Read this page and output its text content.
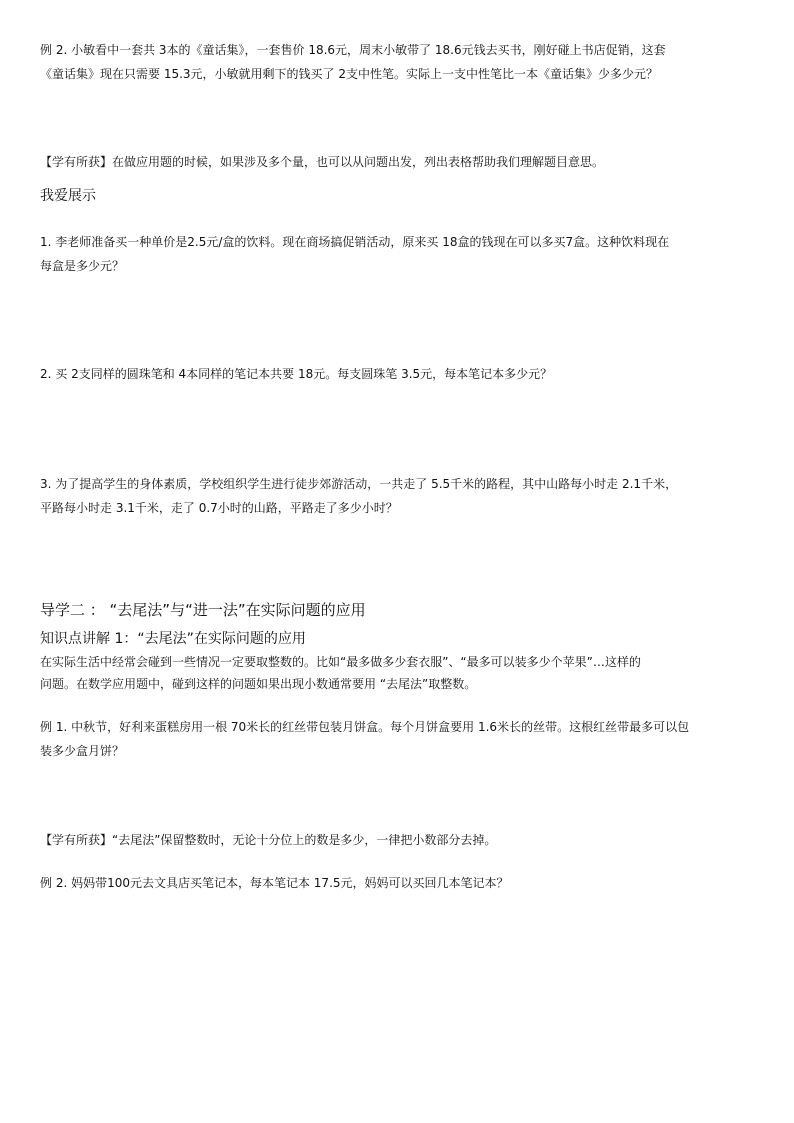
例 2. 小敏看中一套共 3本的《童话集》，一套售价 18.6元，周末小敏带了 18.6元钱去买书，刚好碰上书店促销，这套
《童话集》现在只需要 15.3元，小敏就用剩下的钱买了 2支中性笔。实际上一支中性笔比一本《童话集》少多少元？

【学有所获】在做应用题的时候，如果涉及多个量，也可以从问题出发，列出表格帮助我们理解题目意思。

我爱展示

1. 李老师准备买一种单价是2.5元/盒的饮料。现在商场搞促销活动，原来买 18盒的钱现在可以多买7盒。这种饮料现在
每盒是多少元？

2. 买 2支同样的圆珠笔和 4本同样的笔记本共要 18元。每支圆珠笔 3.5元，每本笔记本多少元？

3. 为了提高学生的身体素质，学校组织学生进行徒步郊游活动，一共走了 5.5千米的路程，其中山路每小时走 2.1千米，
平路每小时走 3.1千米，走了 0.7小时的山路，平路走了多少小时？

导学二 ： “去尾法”与“进一法”在实际问题的应用

知识点讲解 1：“去尾法”在实际问题的应用

在实际生活中经常会碰到一些情况一定要取整数的。比如“最多做多少套衣服”、“最多可以装多少个苹果”…这样的
问题。在数学应用题中，碰到这样的问题如果出现小数通常要用 “去尾法”取整数。
例 1. 中秋节，好利来蛋糕房用一根 70米长的红丝带包装月饼盒。每个月饼盒要用 1.6米长的丝带。这根红丝带最多可以包
装多少盒月饼？

【学有所获】“去尾法”保留整数时，无论十分位上的数是多少，一律把小数部分去掉。

例 2. 妈妈带100元去文具店买笔记本，每本笔记本 17.5元，妈妈可以买回几本笔记本？
